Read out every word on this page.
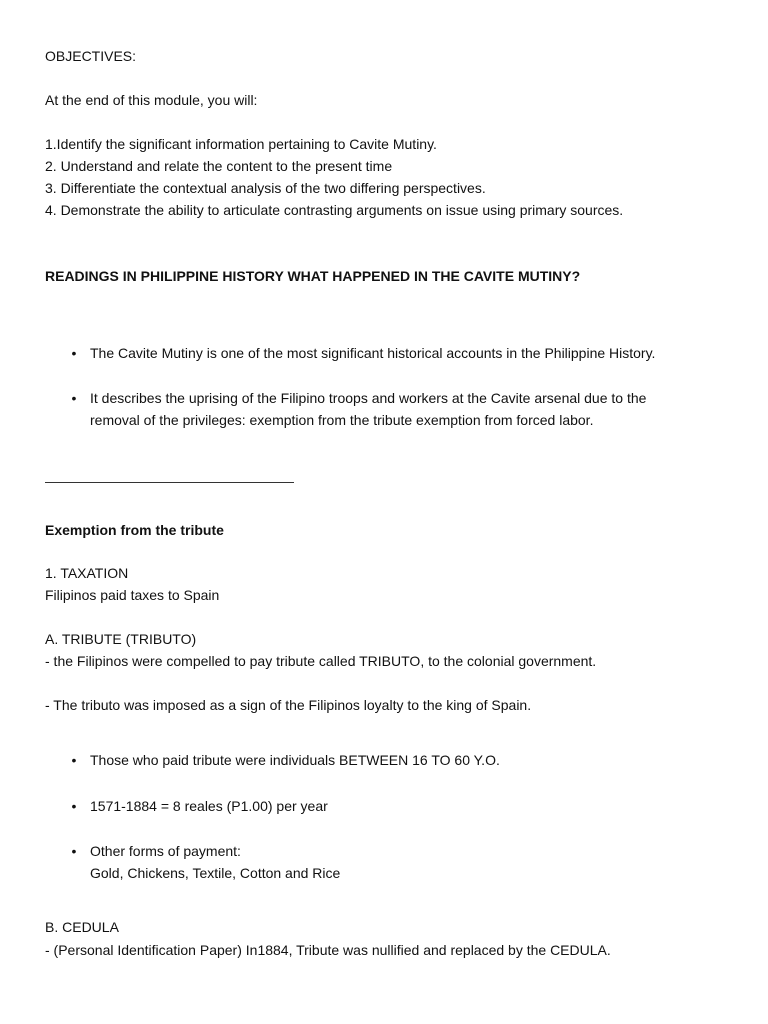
OBJECTIVES:
At the end of this module, you will:
1.Identify the significant information pertaining to Cavite Mutiny.
2. Understand and relate the content to the present time
3. Differentiate the contextual analysis of the two differing perspectives.
4. Demonstrate the ability to articulate contrasting arguments on issue using primary sources.
READINGS IN PHILIPPINE HISTORY WHAT HAPPENED IN THE CAVITE MUTINY?
• The Cavite Mutiny is one of the most significant historical accounts in the Philippine History.
• It describes the uprising of the Filipino troops and workers at the Cavite arsenal due to the
removal of the privileges: exemption from the tribute exemption from forced labor.
Exemption from the tribute
1. TAXATION
Filipinos paid taxes to Spain
A. TRIBUTE (TRIBUTO)
- the Filipinos were compelled to pay tribute called TRIBUTO, to the colonial government.
- The tributo was imposed as a sign of the Filipinos loyalty to the king of Spain.
• Those who paid tribute were individuals BETWEEN 16 TO 60 Y.O.
• 1571-1884 = 8 reales (P1.00) per year
• Other forms of payment:
Gold, Chickens, Textile, Cotton and Rice
B. CEDULA
- (Personal Identification Paper) In1884, Tribute was nullified and replaced by the CEDULA.
